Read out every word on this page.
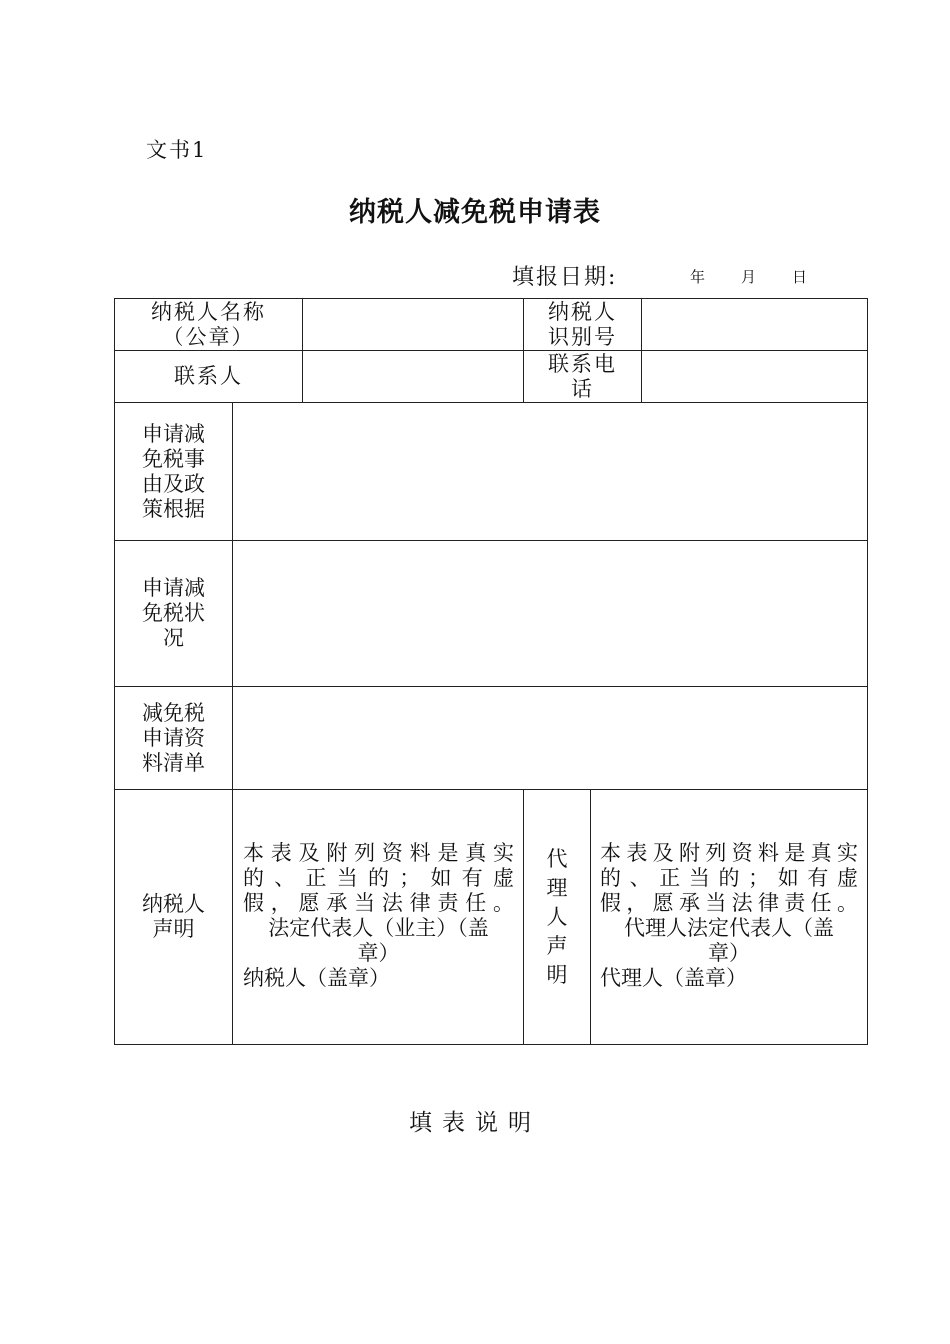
文书1
纳税人减免税申请表
填报日期:	年 月 日
纳税人名称
（公章）
纳税人
识别号
联系人
联系电
话
申请减
免税事
由及政
策根据
申请减
免税状
况
减免税
申请资
料清单
纳税人
声明
本表及附列资料是真实
的、正当的；如有虚
假，愿承当法律责任。
法定代表人（业主）（盖
章）
纳税人（盖章）
代
理
人
声
明
本表及附列资料是真实
的、正当的；如有虚
假，愿承当法律责任。
代理人法定代表人（盖
章）
代理人（盖章）
填表说明
